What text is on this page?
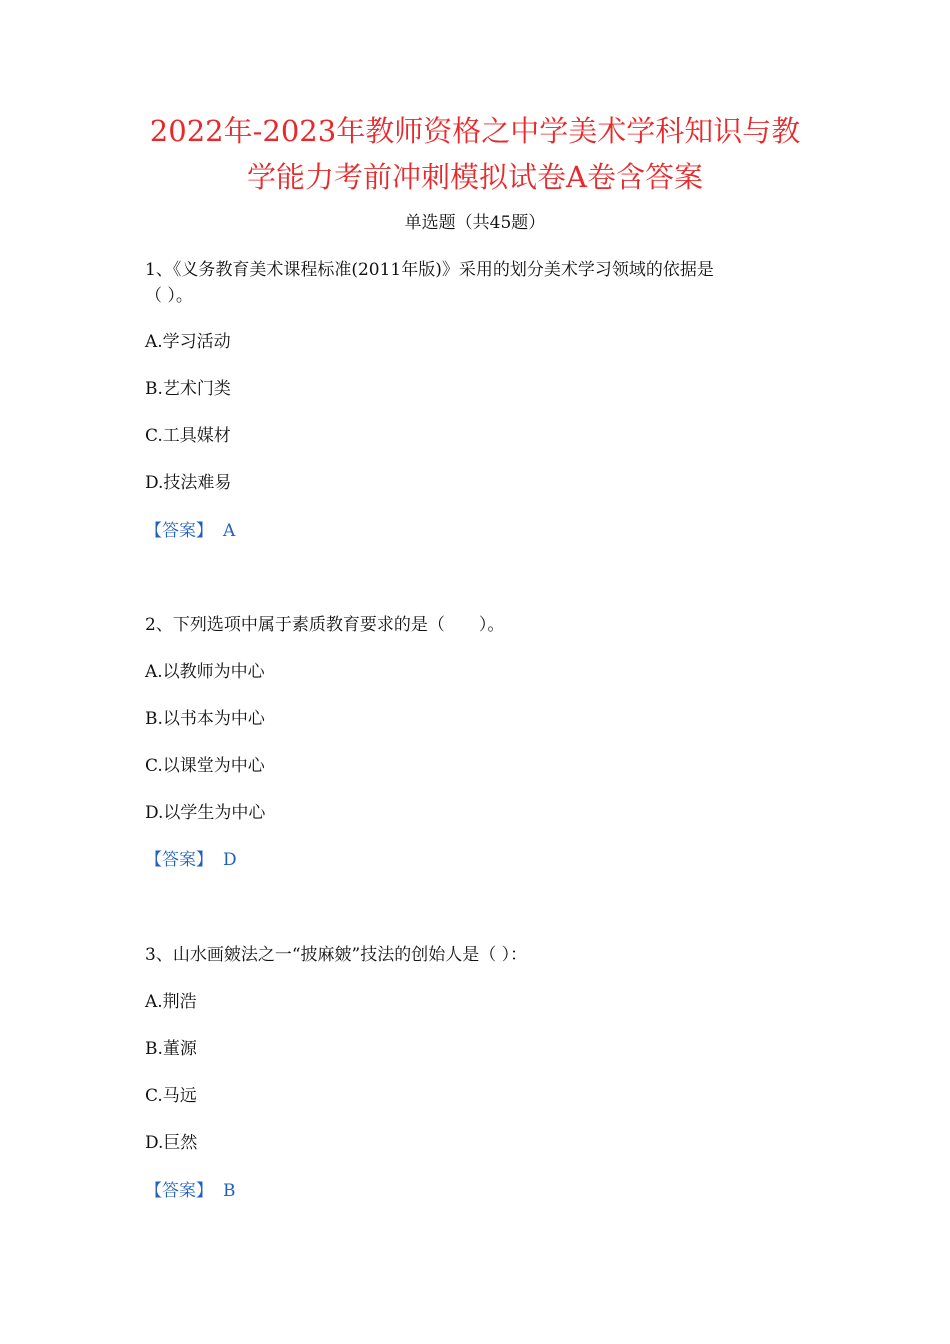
2022年-2023年教师资格之中学美术学科知识与教
学能力考前冲刺模拟试卷A卷含答案
单选题（共45题）
1、《义务教育美术课程标准(2011年版)》采用的划分美术学习领域的依据是
（ ）。
A.学习活动
B.艺术门类
C.工具媒材
D.技法难易
【答案】 A
2、下列选项中属于素质教育要求的是（　　）。
A.以教师为中心
B.以书本为中心
C.以课堂为中心
D.以学生为中心
【答案】 D
3、山水画皴法之一“披麻皴”技法的创始人是（ ）：
A.荆浩
B.董源
C.马远
D.巨然
【答案】 B
